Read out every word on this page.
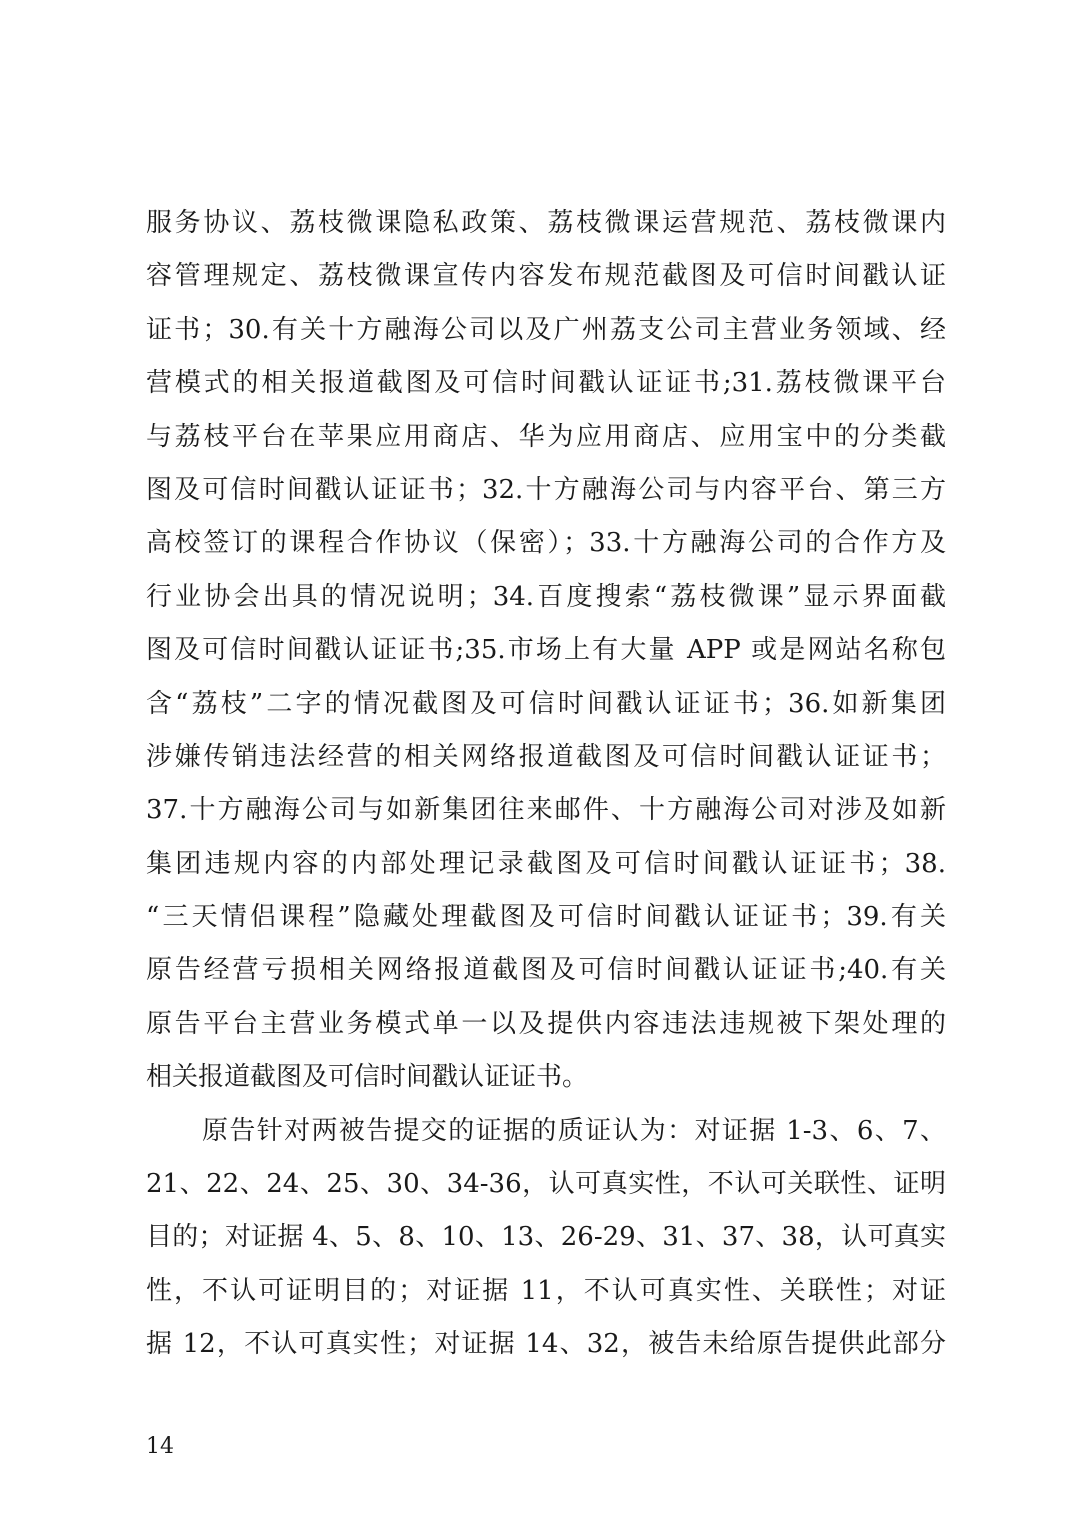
服务协议、荔枝微课隐私政策、荔枝微课运营规范、荔枝微课内
容管理规定、荔枝微课宣传内容发布规范截图及可信时间戳认证
证书；30.有关十方融海公司以及广州荔支公司主营业务领域、经
营模式的相关报道截图及可信时间戳认证证书;31.荔枝微课平台
与荔枝平台在苹果应用商店、华为应用商店、应用宝中的分类截
图及可信时间戳认证证书；32.十方融海公司与内容平台、第三方
高校签订的课程合作协议（保密）；33.十方融海公司的合作方及
行业协会出具的情况说明；34.百度搜索“荔枝微课”显示界面截
图及可信时间戳认证证书;35.市场上有大量 APP 或是网站名称包
含“荔枝”二字的情况截图及可信时间戳认证证书；36.如新集团
涉嫌传销违法经营的相关网络报道截图及可信时间戳认证证书；
37.十方融海公司与如新集团往来邮件、十方融海公司对涉及如新
集团违规内容的内部处理记录截图及可信时间戳认证证书；38.
“三天情侣课程”隐藏处理截图及可信时间戳认证证书；39.有关
原告经营亏损相关网络报道截图及可信时间戳认证证书;40.有关
原告平台主营业务模式单一以及提供内容违法违规被下架处理的
相关报道截图及可信时间戳认证证书。
原告针对两被告提交的证据的质证认为：对证据 1-3、6、7、
21、22、24、25、30、34-36，认可真实性，不认可关联性、证明
目的；对证据 4、5、8、10、13、26-29、31、37、38，认可真实
性，不认可证明目的；对证据 11，不认可真实性、关联性；对证
据 12，不认可真实性；对证据 14、32，被告未给原告提供此部分
14
